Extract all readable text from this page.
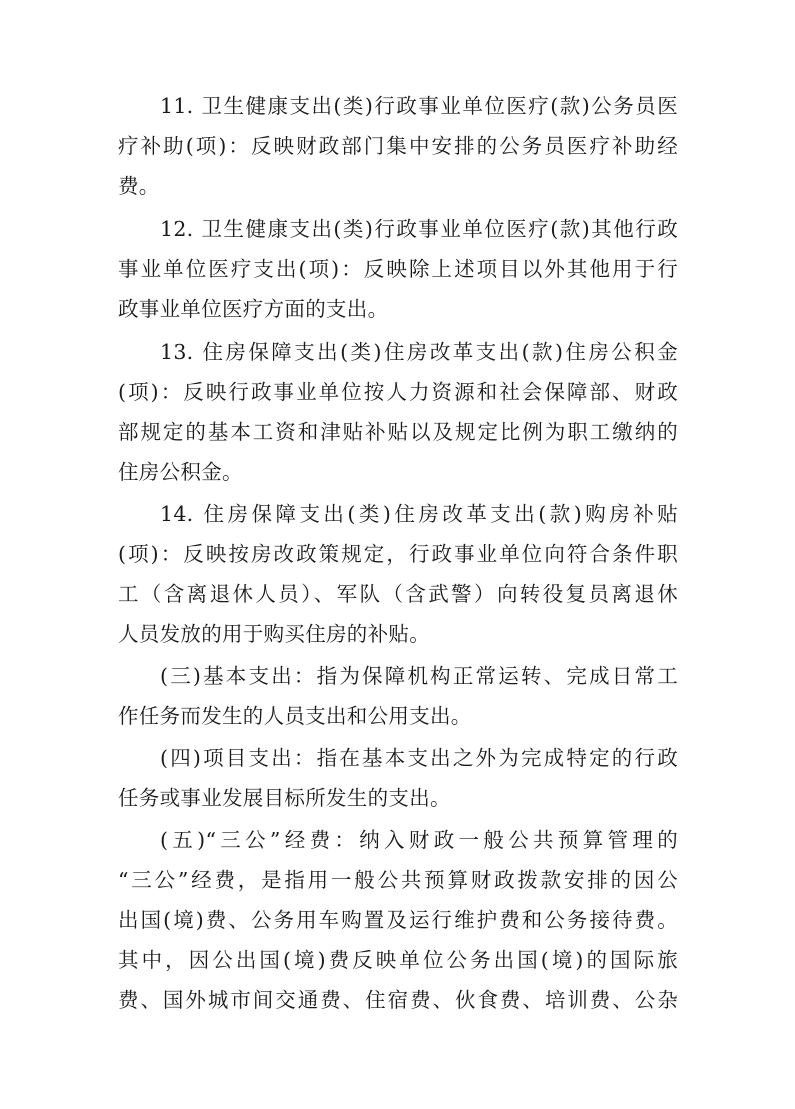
11. 卫生健康支出(类)行政事业单位医疗(款)公务员医
疗补助(项)：反映财政部门集中安排的公务员医疗补助经
费。
12. 卫生健康支出(类)行政事业单位医疗(款)其他行政
事业单位医疗支出(项)：反映除上述项目以外其他用于行
政事业单位医疗方面的支出。
13. 住房保障支出(类)住房改革支出(款)住房公积金
(项)：反映行政事业单位按人力资源和社会保障部、财政
部规定的基本工资和津贴补贴以及规定比例为职工缴纳的
住房公积金。
14. 住房保障支出(类)住房改革支出(款)购房补贴
(项)：反映按房改政策规定，行政事业单位向符合条件职
工（含离退休人员）、军队（含武警）向转役复员离退休
人员发放的用于购买住房的补贴。
(三)基本支出：指为保障机构正常运转、完成日常工
作任务而发生的人员支出和公用支出。
(四)项目支出：指在基本支出之外为完成特定的行政
任务或事业发展目标所发生的支出。
(五)“三公”经费：纳入财政一般公共预算管理的
“三公”经费，是指用一般公共预算财政拨款安排的因公
出国(境)费、公务用车购置及运行维护费和公务接待费。
其中，因公出国(境)费反映单位公务出国(境)的国际旅
费、国外城市间交通费、住宿费、伙食费、培训费、公杂
